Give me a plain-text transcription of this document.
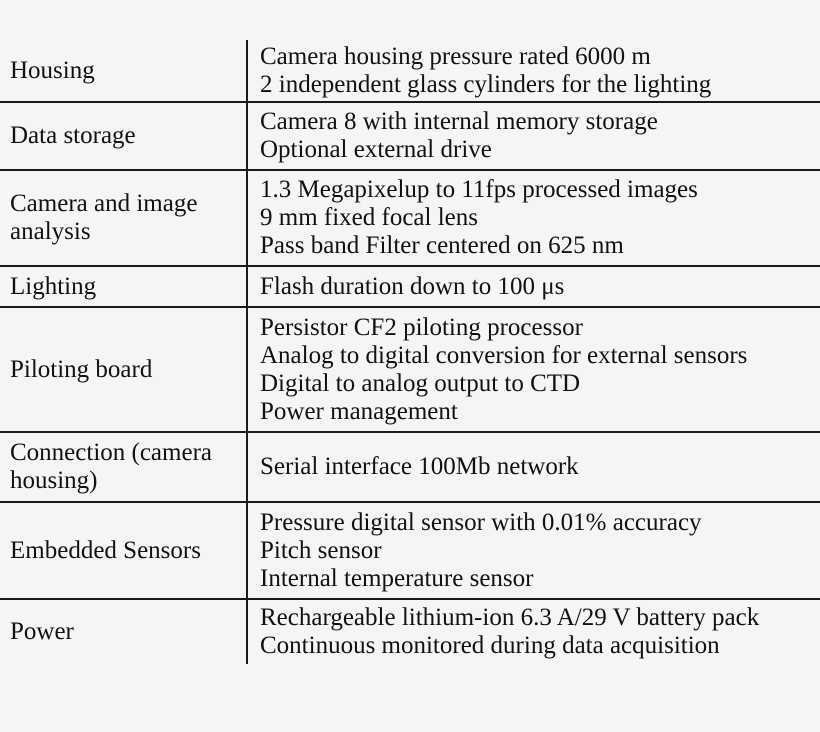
Housing
Camera housing pressure rated 6000 m
2 independent glass cylinders for the lighting
Data storage
Camera 8 with internal memory storage
Optional external drive
Camera and image
analysis
1.3 Megapixelup to 11fps processed images
9 mm fixed focal lens
Pass band Filter centered on 625 nm
Lighting	Flash duration down to 100 μs
Piloting board
Persistor CF2 piloting processor
Analog to digital conversion for external sensors
Digital to analog output to CTD
Power management
Connection (camera
housing)
Serial interface 100Mb network
Embedded Sensors
Pressure digital sensor with 0.01% accuracy
Pitch sensor
Internal temperature sensor
Power
Rechargeable lithium-ion 6.3 A/29 V battery pack
Continuous monitored during data acquisition
